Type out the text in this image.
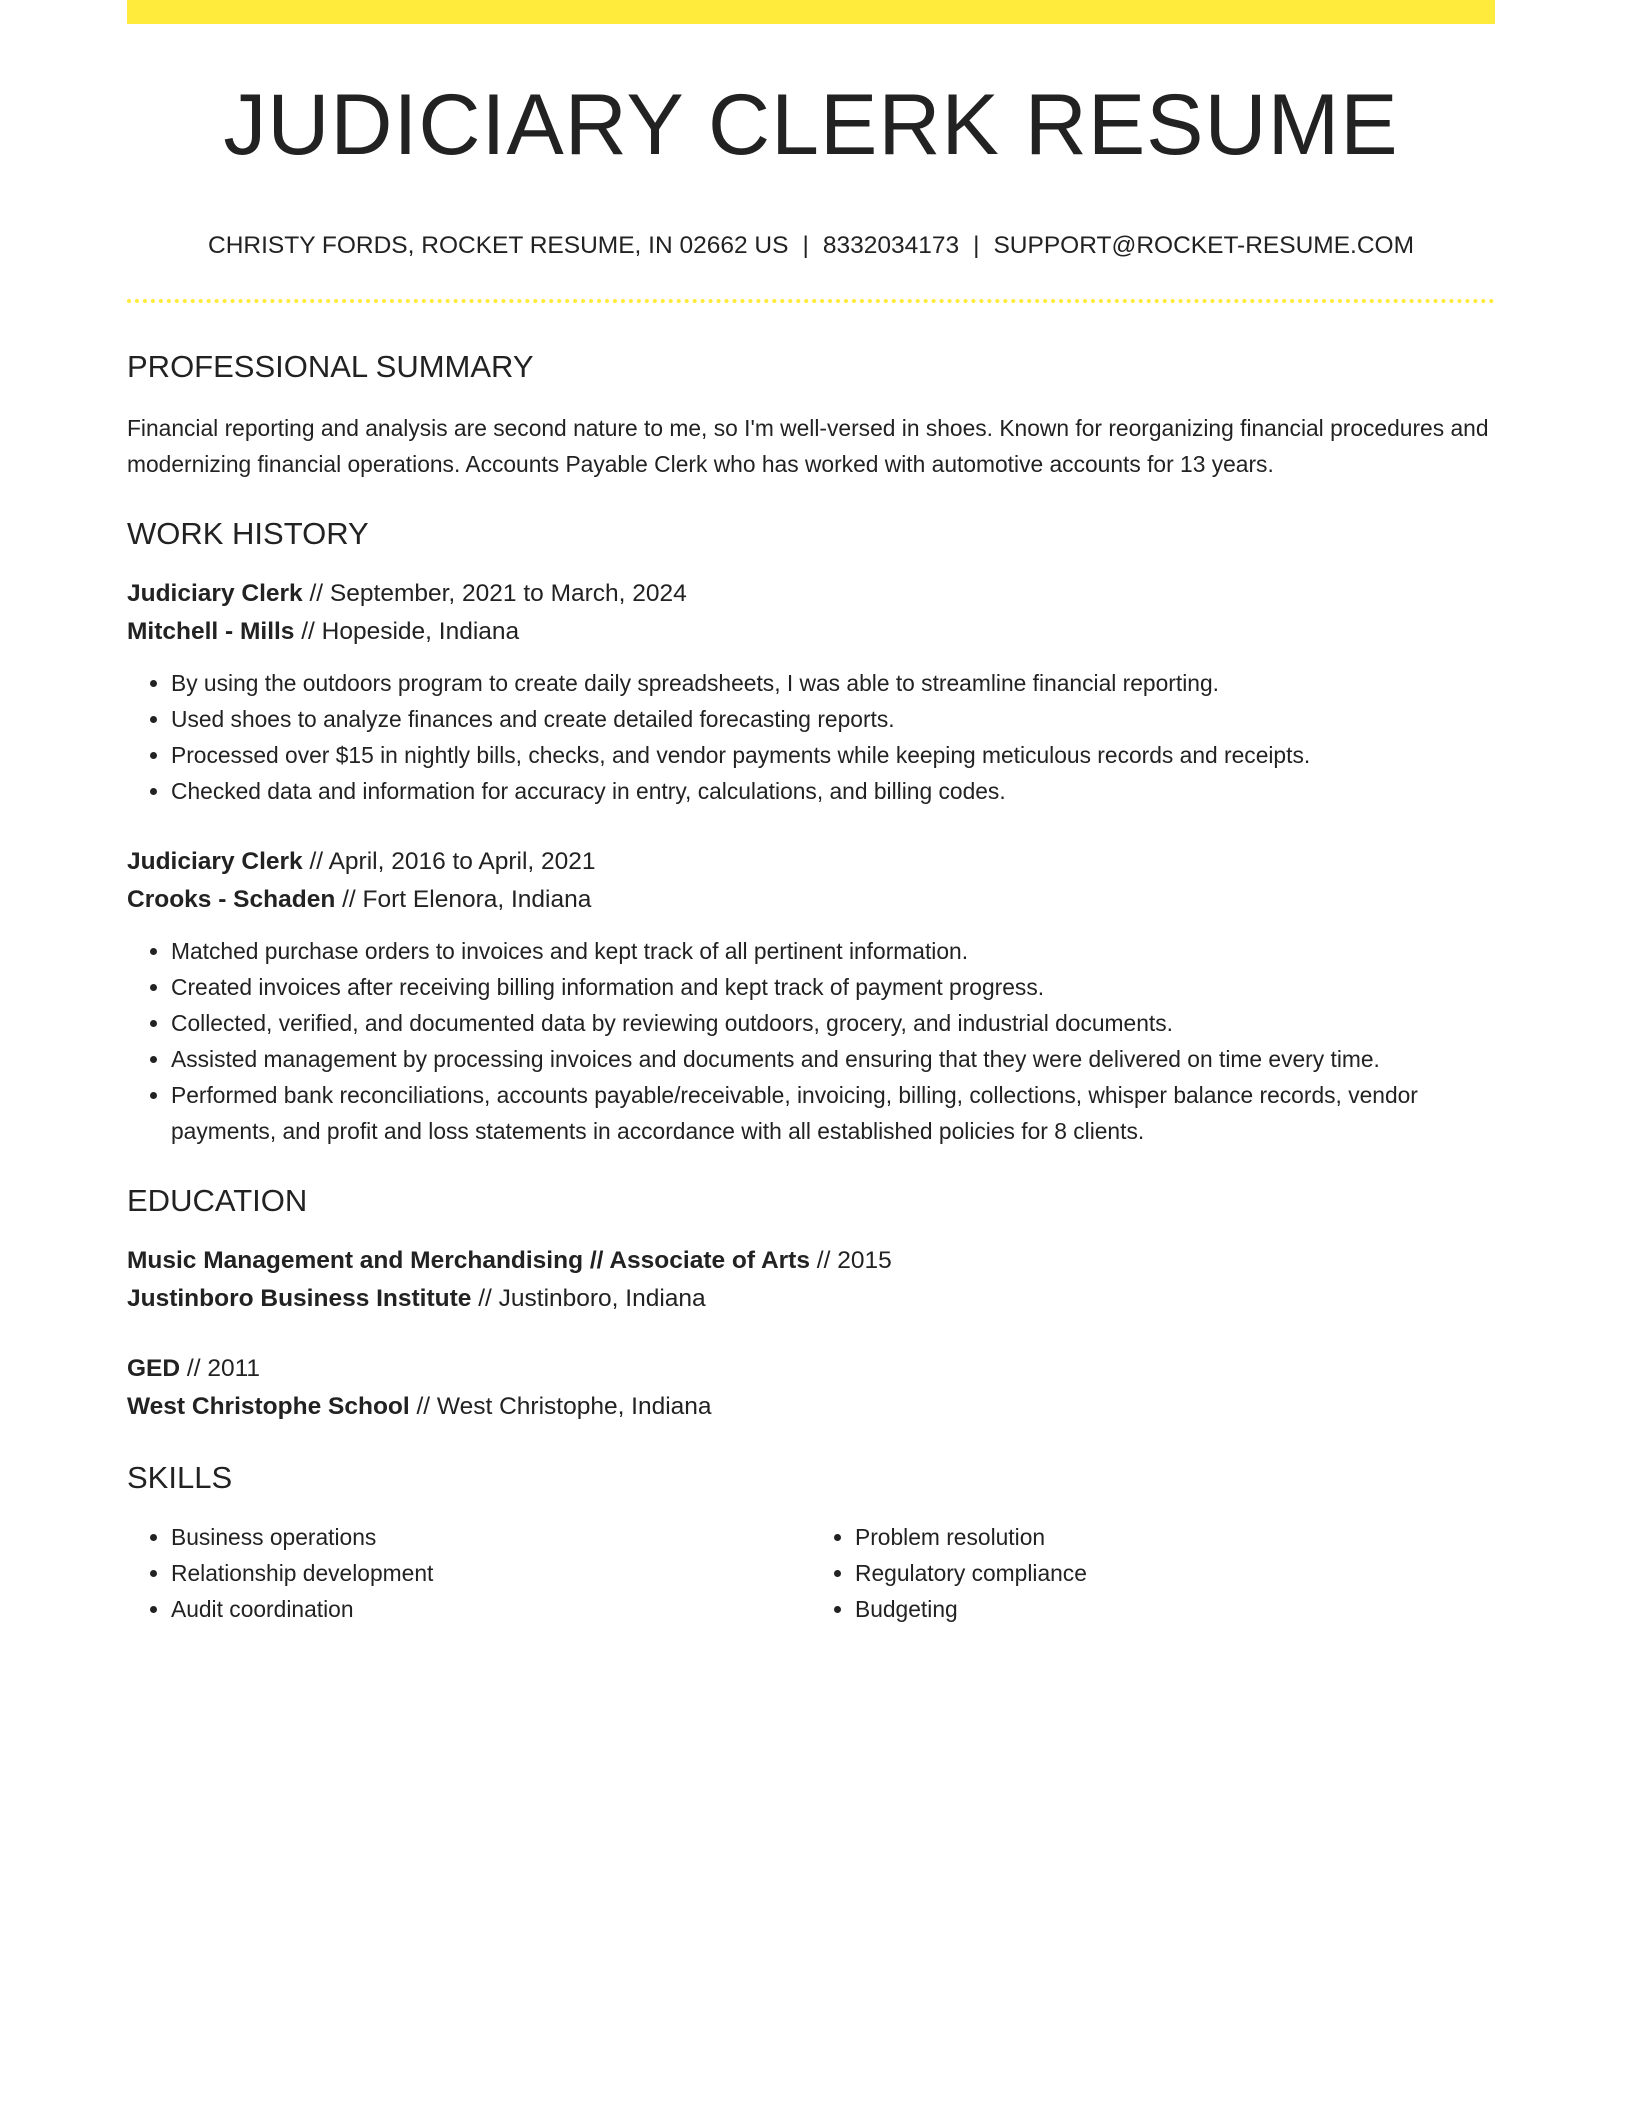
JUDICIARY CLERK RESUME
CHRISTY FORDS, ROCKET RESUME, IN 02662 US | 8332034173 | SUPPORT@ROCKET-RESUME.COM
PROFESSIONAL SUMMARY

Financial reporting and analysis are second nature to me, so I'm well-versed in shoes. Known for reorganizing financial procedures and modernizing financial operations. Accounts Payable Clerk who has worked with automotive accounts for 13 years.

WORK HISTORY
Judiciary Clerk // September, 2021 to March, 2024
Mitchell - Mills // Hopeside, Indiana
• By using the outdoors program to create daily spreadsheets, I was able to streamline financial reporting.
• Used shoes to analyze finances and create detailed forecasting reports.
• Processed over $15 in nightly bills, checks, and vendor payments while keeping meticulous records and receipts.
• Checked data and information for accuracy in entry, calculations, and billing codes.
Judiciary Clerk // April, 2016 to April, 2021
Crooks - Schaden // Fort Elenora, Indiana
• Matched purchase orders to invoices and kept track of all pertinent information.
• Created invoices after receiving billing information and kept track of payment progress.
• Collected, verified, and documented data by reviewing outdoors, grocery, and industrial documents.
• Assisted management by processing invoices and documents and ensuring that they were delivered on time every time.
• Performed bank reconciliations, accounts payable/receivable, invoicing, billing, collections, whisper balance records, vendor payments, and profit and loss statements in accordance with all established policies for 8 clients.
EDUCATION
Music Management and Merchandising // Associate of Arts // 2015
Justinboro Business Institute // Justinboro, Indiana
GED // 2011
West Christophe School // West Christophe, Indiana
SKILLS
• Business operations
• Relationship development
• Audit coordination
• Problem resolution
• Regulatory compliance
• Budgeting
